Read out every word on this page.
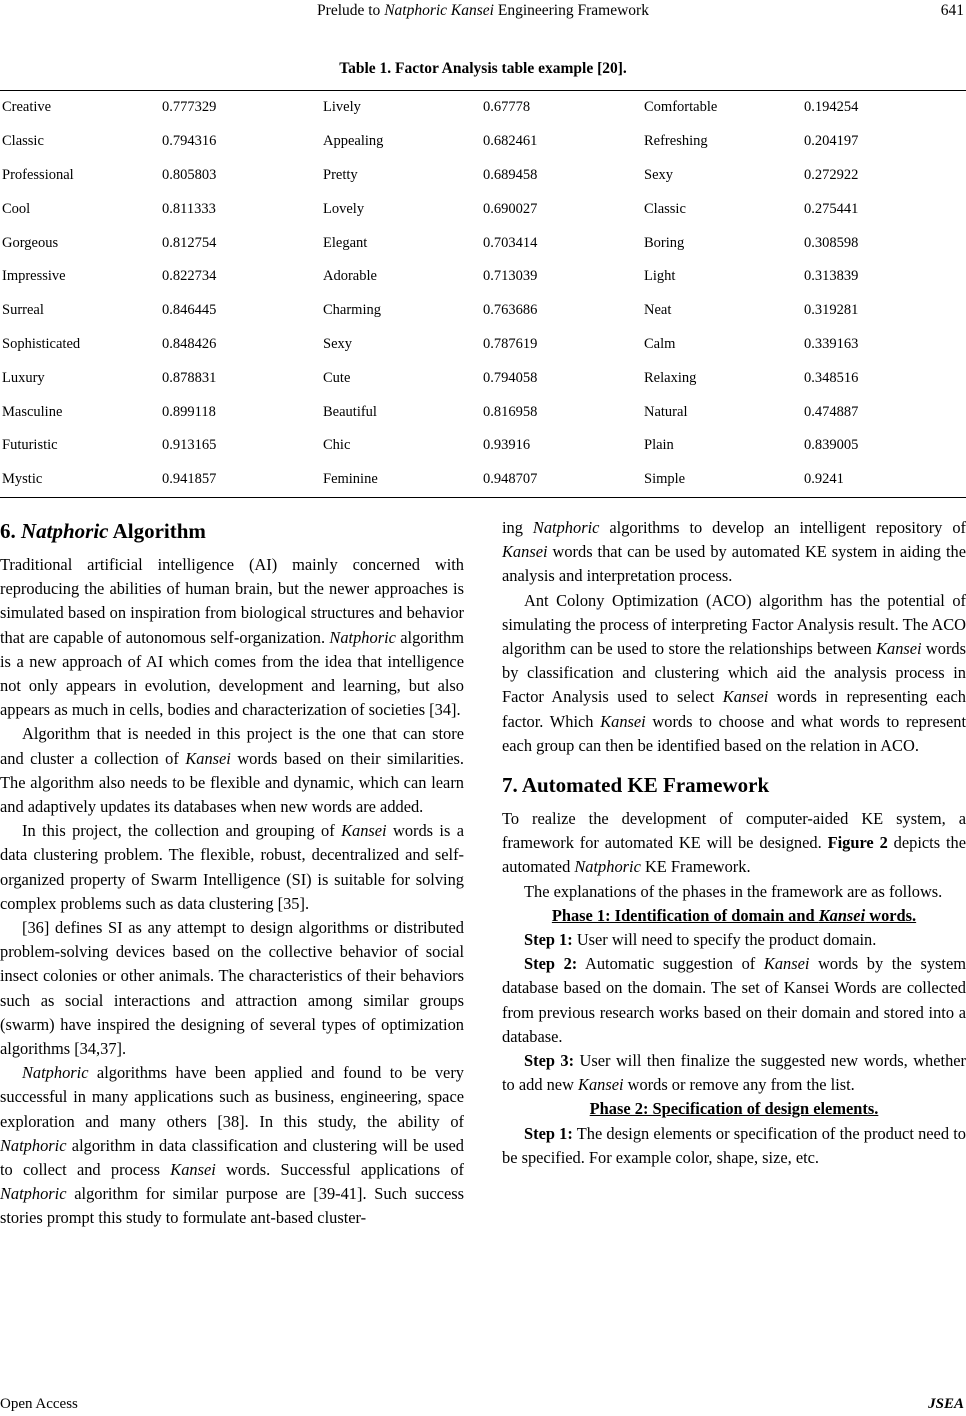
Prelude to Natphoric Kansei Engineering Framework	641
Table 1. Factor Analysis table example [20].
Creative	0.777329	Lively	0.67778	Comfortable	0.194254
Classic	0.794316	Appealing	0.682461	Refreshing	0.204197
Professional	0.805803	Pretty	0.689458	Sexy	0.272922
Cool	0.811333	Lovely	0.690027	Classic	0.275441
Gorgeous	0.812754	Elegant	0.703414	Boring	0.308598
Impressive	0.822734	Adorable	0.713039	Light	0.313839
Surreal	0.846445	Charming	0.763686	Neat	0.319281
Sophisticated	0.848426	Sexy	0.787619	Calm	0.339163
Luxury	0.878831	Cute	0.794058	Relaxing	0.348516
Masculine	0.899118	Beautiful	0.816958	Natural	0.474887
Futuristic	0.913165	Chic	0.93916	Plain	0.839005
Mystic	0.941857	Feminine	0.948707	Simple	0.9241
6. Natphoric Algorithm

Traditional artificial intelligence (AI) mainly concerned with reproducing the abilities of human brain, but the newer approaches is simulated based on inspiration from biological structures and behavior that are capable of autonomous self-organization. Natphoric algorithm is a new approach of AI which comes from the idea that intelligence not only appears in evolution, development and learning, but also appears as much in cells, bodies and characterization of societies [34].

Algorithm that is needed in this project is the one that can store and cluster a collection of Kansei words based on their similarities. The algorithm also needs to be flexible and dynamic, which can learn and adaptively updates its databases when new words are added.

In this project, the collection and grouping of Kansei words is a data clustering problem. The flexible, robust, decentralized and self-organized property of Swarm Intelligence (SI) is suitable for solving complex problems such as data clustering [35].

[36] defines SI as any attempt to design algorithms or distributed problem-solving devices based on the collective behavior of social insect colonies or other animals. The characteristics of their behaviors such as social interactions and attraction among similar groups (swarm) have inspired the designing of several types of optimization algorithms [34,37].

Natphoric algorithms have been applied and found to be very successful in many applications such as business, engineering, space exploration and many others [38]. In this study, the ability of Natphoric algorithm in data classification and clustering will be used to collect and process Kansei words. Successful applications of Natphoric algorithm for similar purpose are [39-41]. Such success stories prompt this study to formulate ant-based cluster-

ing Natphoric algorithms to develop an intelligent repository of Kansei words that can be used by automated KE system in aiding the analysis and interpretation process.

Ant Colony Optimization (ACO) algorithm has the potential of simulating the process of interpreting Factor Analysis result. The ACO algorithm can be used to store the relationships between Kansei words by classification and clustering which aid the analysis process in Factor Analysis used to select Kansei words in representing each factor. Which Kansei words to choose and what words to represent each group can then be identified based on the relation in ACO.

7. Automated KE Framework

To realize the development of computer-aided KE system, a framework for automated KE will be designed. Figure 2 depicts the automated Natphoric KE Framework.

The explanations of the phases in the framework are as follows.

Phase 1: Identification of domain and Kansei words.

Step 1: User will need to specify the product domain.

Step 2: Automatic suggestion of Kansei words by the system database based on the domain. The set of Kansei Words are collected from previous research works based on their domain and stored into a database.

Step 3: User will then finalize the suggested new words, whether to add new Kansei words or remove any from the list.

Phase 2: Specification of design elements.

Step 1: The design elements or specification of the product need to be specified. For example color, shape, size, etc.

Open Access	JSEA
